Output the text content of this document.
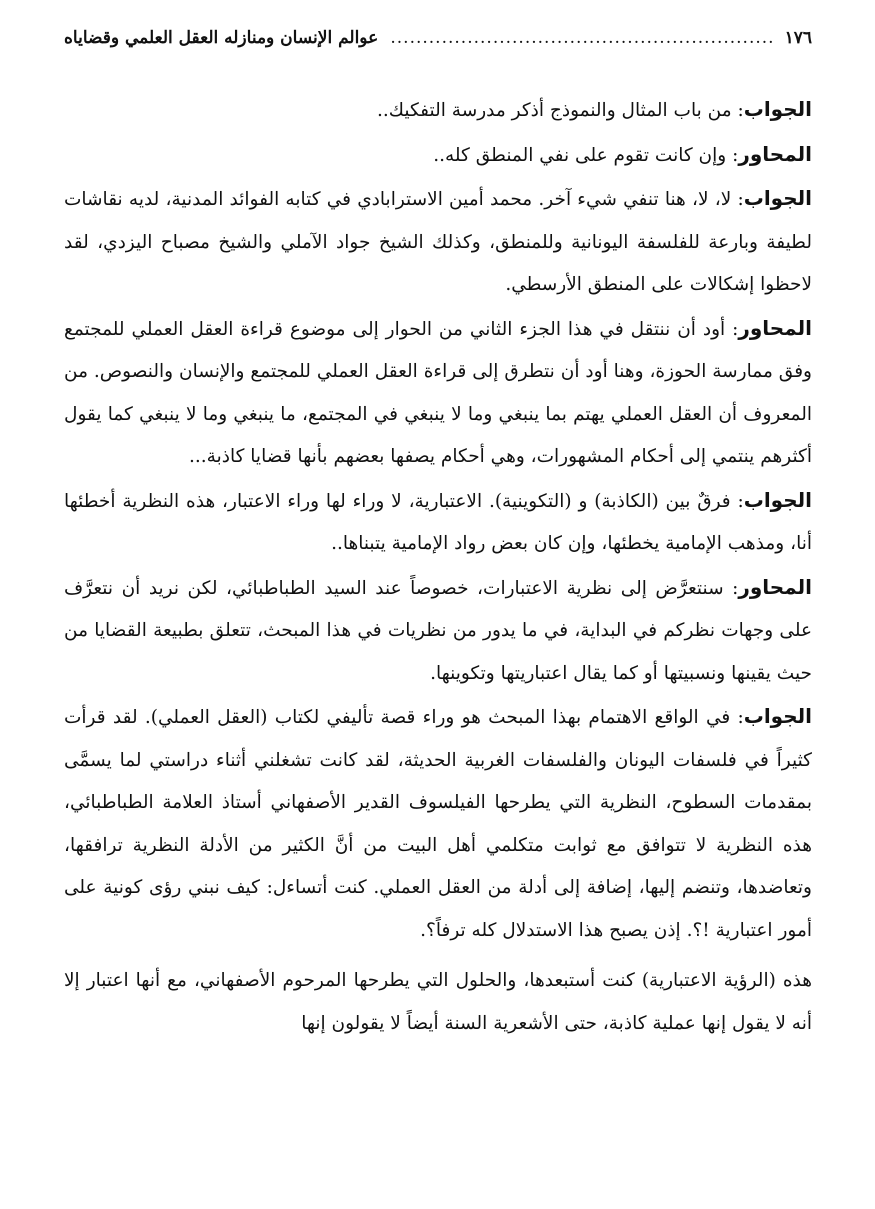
١٧٦
.....
عوالم الإنسان ومنازله العقل العلمي وقضاياه

الجواب: من باب المثال والنموذج أذكر مدرسة التفكيك..

المحاور: وإن كانت تقوم على نفي المنطق كله..

الجواب: لا، لا، هنا تنفي شيء آخر. محمد أمين الاسترابادي في كتابه الفوائد المدنية، لديه نقاشات لطيفة وبارعة للفلسفة اليونانية وللمنطق، وكذلك الشيخ جواد الآملي والشيخ مصباح اليزدي، لقد لاحظوا إشكالات على المنطق الأرسطي.

المحاور: أود أن ننتقل في هذا الجزء الثاني من الحوار إلى موضوع قراءة العقل العملي للمجتمع وفق ممارسة الحوزة، وهنا أود أن نتطرق إلى قراءة العقل العملي للمجتمع والإنسان والنصوص. من المعروف أن العقل العملي يهتم بما ينبغي وما لا ينبغي في المجتمع، ما ينبغي وما لا ينبغي كما يقول أكثرهم ينتمي إلى أحكام المشهورات، وهي أحكام يصفها بعضهم بأنها قضايا كاذبة...

الجواب: فرقٌ بين (الكاذبة) و (التكوينية). الاعتبارية، لا وراء لها وراء الاعتبار، هذه النظرية أخطئها أنا، ومذهب الإمامية يخطئها، وإن كان بعض رواد الإمامية يتبناها..

المحاور: سنتعرَّض إلى نظرية الاعتبارات، خصوصاً عند السيد الطباطبائي، لكن نريد أن نتعرَّف على وجهات نظركم في البداية، في ما يدور من نظريات في هذا المبحث، تتعلق بطبيعة القضايا من حيث يقينها ونسبيتها أو كما يقال اعتباريتها وتكوينها.

الجواب: في الواقع الاهتمام بهذا المبحث هو وراء قصة تأليفي لكتاب (العقل العملي). لقد قرأت كثيراً في فلسفات اليونان والفلسفات الغربية الحديثة، لقد كانت تشغلني أثناء دراستي لما يسمَّى بمقدمات السطوح، النظرية التي يطرحها الفيلسوف القدير الأصفهاني أستاذ العلامة الطباطبائي، هذه النظرية لا تتوافق مع ثوابت متكلمي أهل البيت من أنَّ الكثير من الأدلة النظرية ترافقها، وتعاضدها، وتنضم إليها، إضافة إلى أدلة من العقل العملي. كنت أتساءل: كيف نبني رؤى كونية على أمور اعتبارية !؟. إذن يصبح هذا الاستدلال كله ترفاً؟.

هذه (الرؤية الاعتبارية) كنت أستبعدها، والحلول التي يطرحها المرحوم الأصفهاني، مع أنها اعتبار إلا أنه لا يقول إنها عملية كاذبة، حتى الأشعرية السنة أيضاً لا يقولون إنها
